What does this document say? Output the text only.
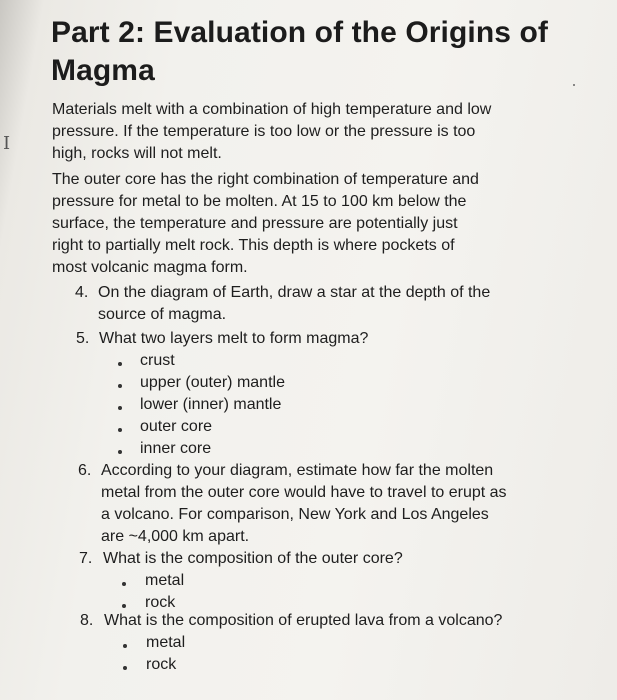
I
Part 2: Evaluation of the Origins of Magma

Materials melt with a combination of high temperature and low

pressure. If the temperature is too low or the pressure is too

high, rocks will not melt.

The outer core has the right combination of temperature and

pressure for metal to be molten. At 15 to 100 km below the

surface, the temperature and pressure are potentially just

right to partially melt rock. This depth is where pockets of

most volcanic magma form.

4. On the diagram of Earth, draw a star at the depth of the

source of magma.

5. What two layers melt to form magma?

crust

upper (outer) mantle

lower (inner) mantle

outer core

inner core

6. According to your diagram, estimate how far the molten

metal from the outer core would have to travel to erupt as

a volcano. For comparison, New York and Los Angeles

are ~4,000 km apart.

7. What is the composition of the outer core?

metal

rock

8. What is the composition of erupted lava from a volcano?

metal

rock
